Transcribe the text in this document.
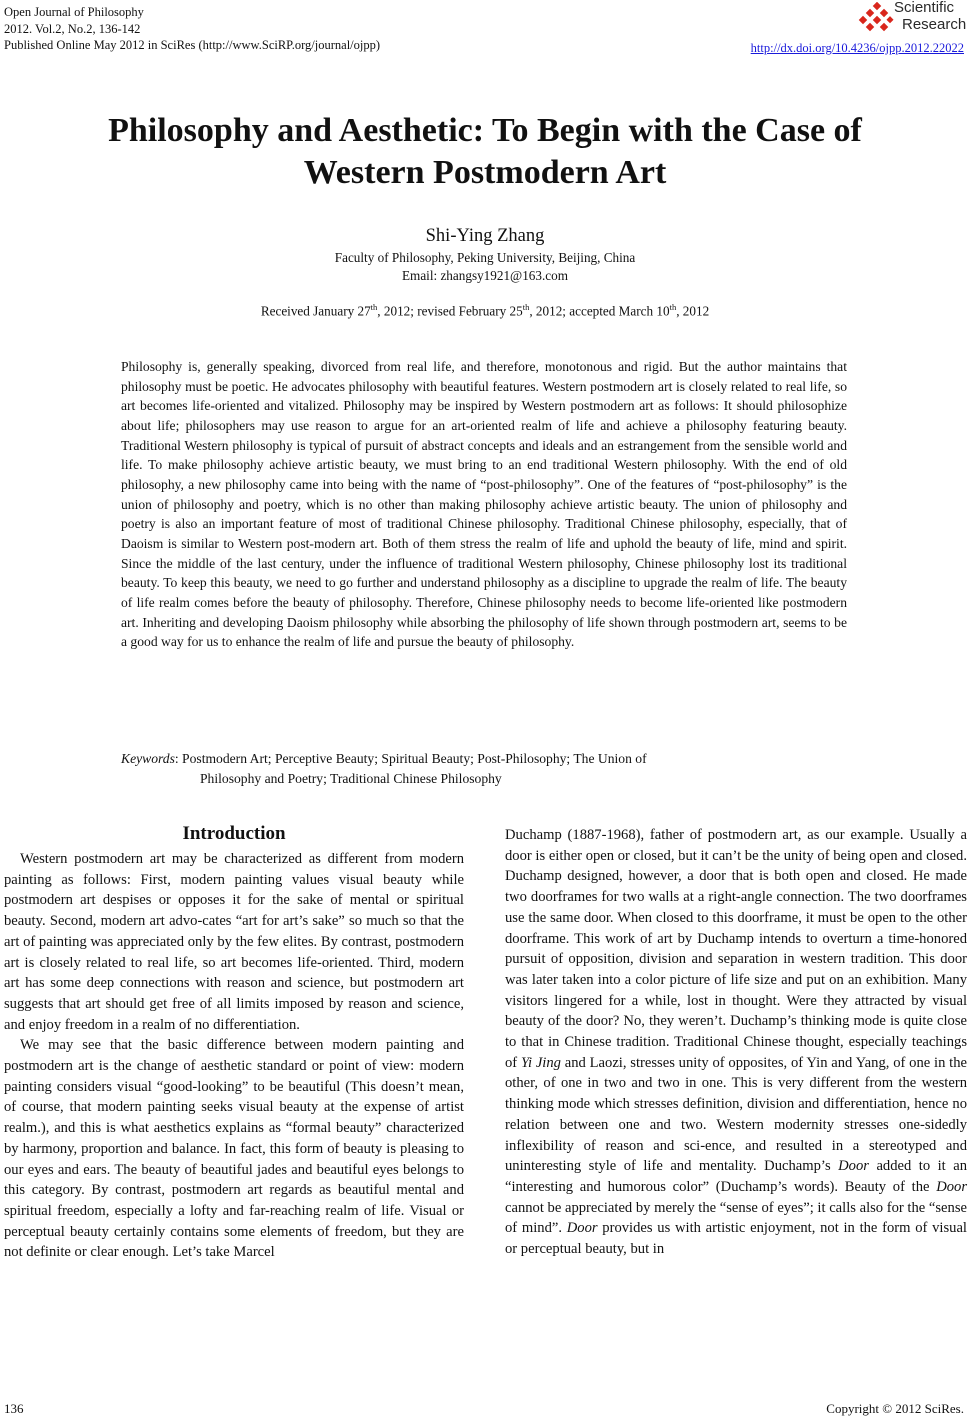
Open Journal of Philosophy
2012. Vol.2, No.2, 136-142
Published Online May 2012 in SciRes (http://www.SciRP.org/journal/ojpp)
Scientific
Research
http://dx.doi.org/10.4236/ojpp.2012.22022
Philosophy and Aesthetic: To Begin with the Case of
Western Postmodern Art
Shi-Ying Zhang
Faculty of Philosophy, Peking University, Beijing, China
Email: zhangsy1921@163.com
Received January 27th, 2012; revised February 25th, 2012; accepted March 10th, 2012
Philosophy is, generally speaking, divorced from real life, and therefore, monotonous and rigid. But the author maintains that philosophy must be poetic. He advocates philosophy with beautiful features. Western postmodern art is closely related to real life, so art becomes life-oriented and vitalized. Philosophy may be inspired by Western postmodern art as follows: It should philosophize about life; philosophers may use reason to argue for an art-oriented realm of life and achieve a philosophy featuring beauty. Traditional Western philosophy is typical of pursuit of abstract concepts and ideals and an estrangement from the sensible world and life. To make philosophy achieve artistic beauty, we must bring to an end traditional Western philosophy. With the end of old philosophy, a new philosophy came into being with the name of “post-philosophy”. One of the features of “post-philosophy” is the union of philosophy and poetry, which is no other than making philosophy achieve artistic beauty. The union of philosophy and poetry is also an important feature of most of traditional Chinese philosophy. Traditional Chinese philosophy, especially, that of Daoism is similar to Western post-modern art. Both of them stress the realm of life and uphold the beauty of life, mind and spirit. Since the middle of the last century, under the influence of traditional Western philosophy, Chinese philosophy lost its traditional beauty. To keep this beauty, we need to go further and understand philosophy as a discipline to upgrade the realm of life. The beauty of life realm comes before the beauty of philosophy. Therefore, Chinese philosophy needs to become life-oriented like postmodern art. Inheriting and developing Daoism philosophy while absorbing the philosophy of life shown through postmodern art, seems to be a good way for us to enhance the realm of life and pursue the beauty of philosophy.
Keywords: Postmodern Art; Perceptive Beauty; Spiritual Beauty; Post-Philosophy; The Union of
Philosophy and Poetry; Traditional Chinese Philosophy
Introduction

Western postmodern art may be characterized as different from modern painting as follows: First, modern painting values visual beauty while postmodern art despises or opposes it for the sake of mental or spiritual beauty. Second, modern art advo-cates “art for art’s sake” so much so that the art of painting was appreciated only by the few elites. By contrast, postmodern art is closely related to real life, so art becomes life-oriented. Third, modern art has some deep connections with reason and science, but postmodern art suggests that art should get free of all limits imposed by reason and science, and enjoy freedom in a realm of no differentiation.

We may see that the basic difference between modern painting and postmodern art is the change of aesthetic standard or point of view: modern painting considers visual “good-looking” to be beautiful (This doesn’t mean, of course, that modern painting seeks visual beauty at the expense of artist realm.), and this is what aesthetics explains as “formal beauty” characterized by harmony, proportion and balance. In fact, this form of beauty is pleasing to our eyes and ears. The beauty of beautiful jades and beautiful eyes belongs to this category. By contrast, postmodern art regards as beautiful mental and spiritual freedom, especially a lofty and far-reaching realm of life. Visual or perceptual beauty certainly contains some elements of freedom, but they are not definite or clear enough. Let’s take Marcel

Duchamp (1887-1968), father of postmodern art, as our example. Usually a door is either open or closed, but it can’t be the unity of being open and closed. Duchamp designed, however, a door that is both open and closed. He made two doorframes for two walls at a right-angle connection. The two doorframes use the same door. When closed to this doorframe, it must be open to the other doorframe. This work of art by Duchamp intends to overturn a time-honored pursuit of opposition, division and separation in western tradition. This door was later taken into a color picture of life size and put on an exhibition. Many visitors lingered for a while, lost in thought. Were they attracted by visual beauty of the door? No, they weren’t. Duchamp’s thinking mode is quite close to that in Chinese tradition. Traditional Chinese thought, especially teachings of Yi Jing and Laozi, stresses unity of opposites, of Yin and Yang, of one in the other, of one in two and two in one. This is very different from the western thinking mode which stresses definition, division and differentiation, hence no relation between one and two. Western modernity stresses one-sidedly inflexibility of reason and sci-ence, and resulted in a stereotyped and uninteresting style of life and mentality. Duchamp’s Door added to it an “interesting and humorous color” (Duchamp’s words). Beauty of the Door cannot be appreciated by merely the “sense of eyes”; it calls also for the “sense of mind”. Door provides us with artistic enjoyment, not in the form of visual or perceptual beauty, but in

136	Copyright © 2012 SciRes.
